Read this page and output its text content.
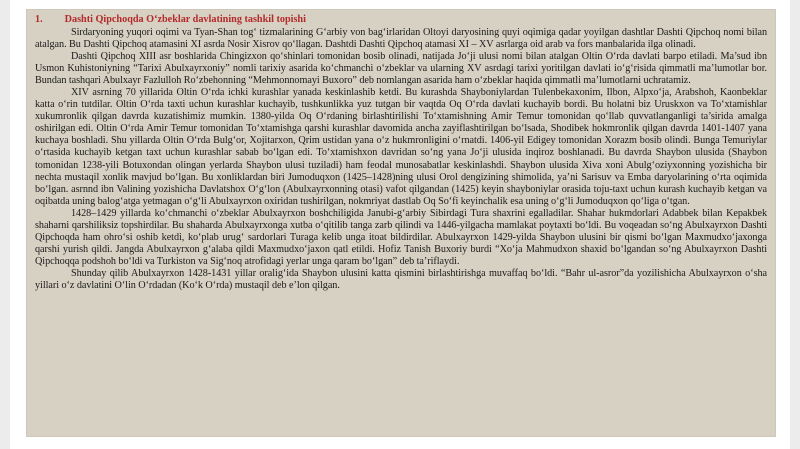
1. Dashti Qipchoqda O‘zbeklar davlatining tashkil topishi

Sirdaryoning yuqori oqimi va Tyan-Shan tog‘ tizmalarining G‘arbiy von bag‘irlaridan Oltoyi daryosining quyi oqimiga qadar yoyilgan dashtlar Dashti Qipchoq nomi bilan atalgan. Bu Dashti Qipchoq atamasini XI asrda Nosir Xisrov qo‘llagan. Dashtdi Dashti Qipchoq atamasi XI – XV asrlarga oid arab va fors manbalarida ilga olinadi.

Dashti Qipchoq XIII asr boshlarida Chingizxon qo‘shinlari tomonidan bosib olinadi, natijada Jo‘ji ulusi nomi bilan atalgan Oltin O‘rda davlati barpo etiladi. Ma’sud ibn Usmon Kuhistoniyning “Tarixi Abulxayrxoniy” nomli tarixiy asarida ko‘chmanchi o‘zbeklar va ularning XV asrdagi tarixi yoritilgan davlati io‘g‘risida qimmatli ma’lumotlar bor. Bundan tashqari Abulxayr Fazlulloh Ro‘zbehonning “Mehmonnomayi Buxoro” deb nomlangan asarida ham o‘zbeklar haqida qimmatli ma’lumotlarni uchratamiz.

XIV asrning 70 yillarida Oltin O‘rda ichki kurashlar yanada keskinlashib ketdi. Bu kurashda Shayboniylardan Tulenbekaxonim, Ilbon, Alpxo‘ja, Arabshoh, Kaonbeklar katta o‘rin tutdilar. Oltin O‘rda taxti uchun kurashlar kuchayib, tushkunlikka yuz tutgan bir vaqtda Oq O‘rda davlati kuchayib bordi. Bu holatni biz Uruskxon va To‘xtamishlar xukumronlik qilgan davrda kuzatishimiz mumkin. 1380-yilda Oq O‘rdaning birlashtirilishi To‘xtamishning Amir Temur tomonidan qo‘llab quvvatlanganligi ta’sirida amalga oshirilgan edi. Oltin O‘rda Amir Temur tomonidan To‘xtamishga qarshi kurashlar davomida ancha zayiflashtirilgan bo‘lsada, Shodibek hokmronlik qilgan davrda 1401-1407 yana kuchaya boshladi. Shu yillarda Oltin O‘rda Bulg‘or, Xojitarxon, Qrim ustidan yana o‘z hukmronligini o‘rnatdi. 1406-yil Edigey tomonidan Xorazm bosib olindi. Bunga Temuriylar o‘rtasida kuchayib ketgan taxt uchun kurashlar sabab bo‘lgan edi. To‘xtamishxon davridan so‘ng yana Jo‘ji ulusida inqiroz boshlanadi. Bu davrda Shaybon ulusida (Shaybon tomonidan 1238-yili Botuxondan olingan yerlarda Shaybon ulusi tuziladi) ham feodal munosabatlar keskinlashdi. Shaybon ulusida Xiva xoni Abulg‘oziyxonning yozishicha bir nechta mustaqil xonlik mavjud bo‘lgan. Bu xonliklardan biri Jumoduqxon (1425–1428)ning ulusi Orol dengizining shimolida, ya’ni Sarisuv va Emba daryolarining o‘rta oqimida bo‘lgan. asrnnd ibn Valining yozishicha Davlatshox O‘g‘lon (Abulxayrxonning otasi) vafot qilgandan (1425) keyin shayboniylar orasida toju-taxt uchun kurash kuchayib ketgan va oqibatda uning balog‘atga yetmagan o‘g‘li Abulxayrxon oxiridan tushirilgan, nokmriyat dastlab Oq So‘fi keyinchalik esa uning o‘g‘li Jumoduqxon qo‘liga o‘tgan.

1428–1429 yillarda ko‘chmanchi o‘zbeklar Abulxayrxon boshchiligida Janubi-g‘arbiy Sibirdagi Tura shaxrini egalladilar. Shahar hukmdorlari Adabbek bilan Kepakbek shaharni qarshiliksiz topshirdilar. Bu shaharda Abulxayrxonga xutba o‘qitilib tanga zarb qilindi va 1446-yilgacha mamlakat poytaxti bo‘ldi. Bu voqeadan so‘ng Abulxayrxon Dashti Qipchoqda ham ohro‘si oshib ketdi, ko‘plab urug‘ sardorlari Turaga kelib unga itoat bildirdilar. Abulxayrxon 1429-yilda Shaybon ulusini bir qismi bo‘lgan Maxmudxo‘jaxonga qarshi yurish qildi. Jangda Abulxayrxon g‘alaba qildi Maxmudxo‘jaxon qatl etildi. Hofiz Tanish Buxoriy burdi “Xo‘ja Mahmudxon shaxid bo‘lgandan so‘ng Abulxayrxon Dashti Qipchoqqa podshoh bo‘ldi va Turkiston va Sig‘noq atrofidagi yerlar unga qaram bo‘lgan” deb ta’riflaydi.

Shunday qilib Abulxayrxon 1428-1431 yillar oralig‘ida Shaybon ulusini katta qismini birlashtirishga muvaffaq bo‘ldi. “Bahr ul-asror”da yozilishicha Abulxayrxon o‘sha yillari o‘z davlatini O‘lin O‘rdadan (Ko‘k O‘rda) mustaqil deb e’lon qilgan.
